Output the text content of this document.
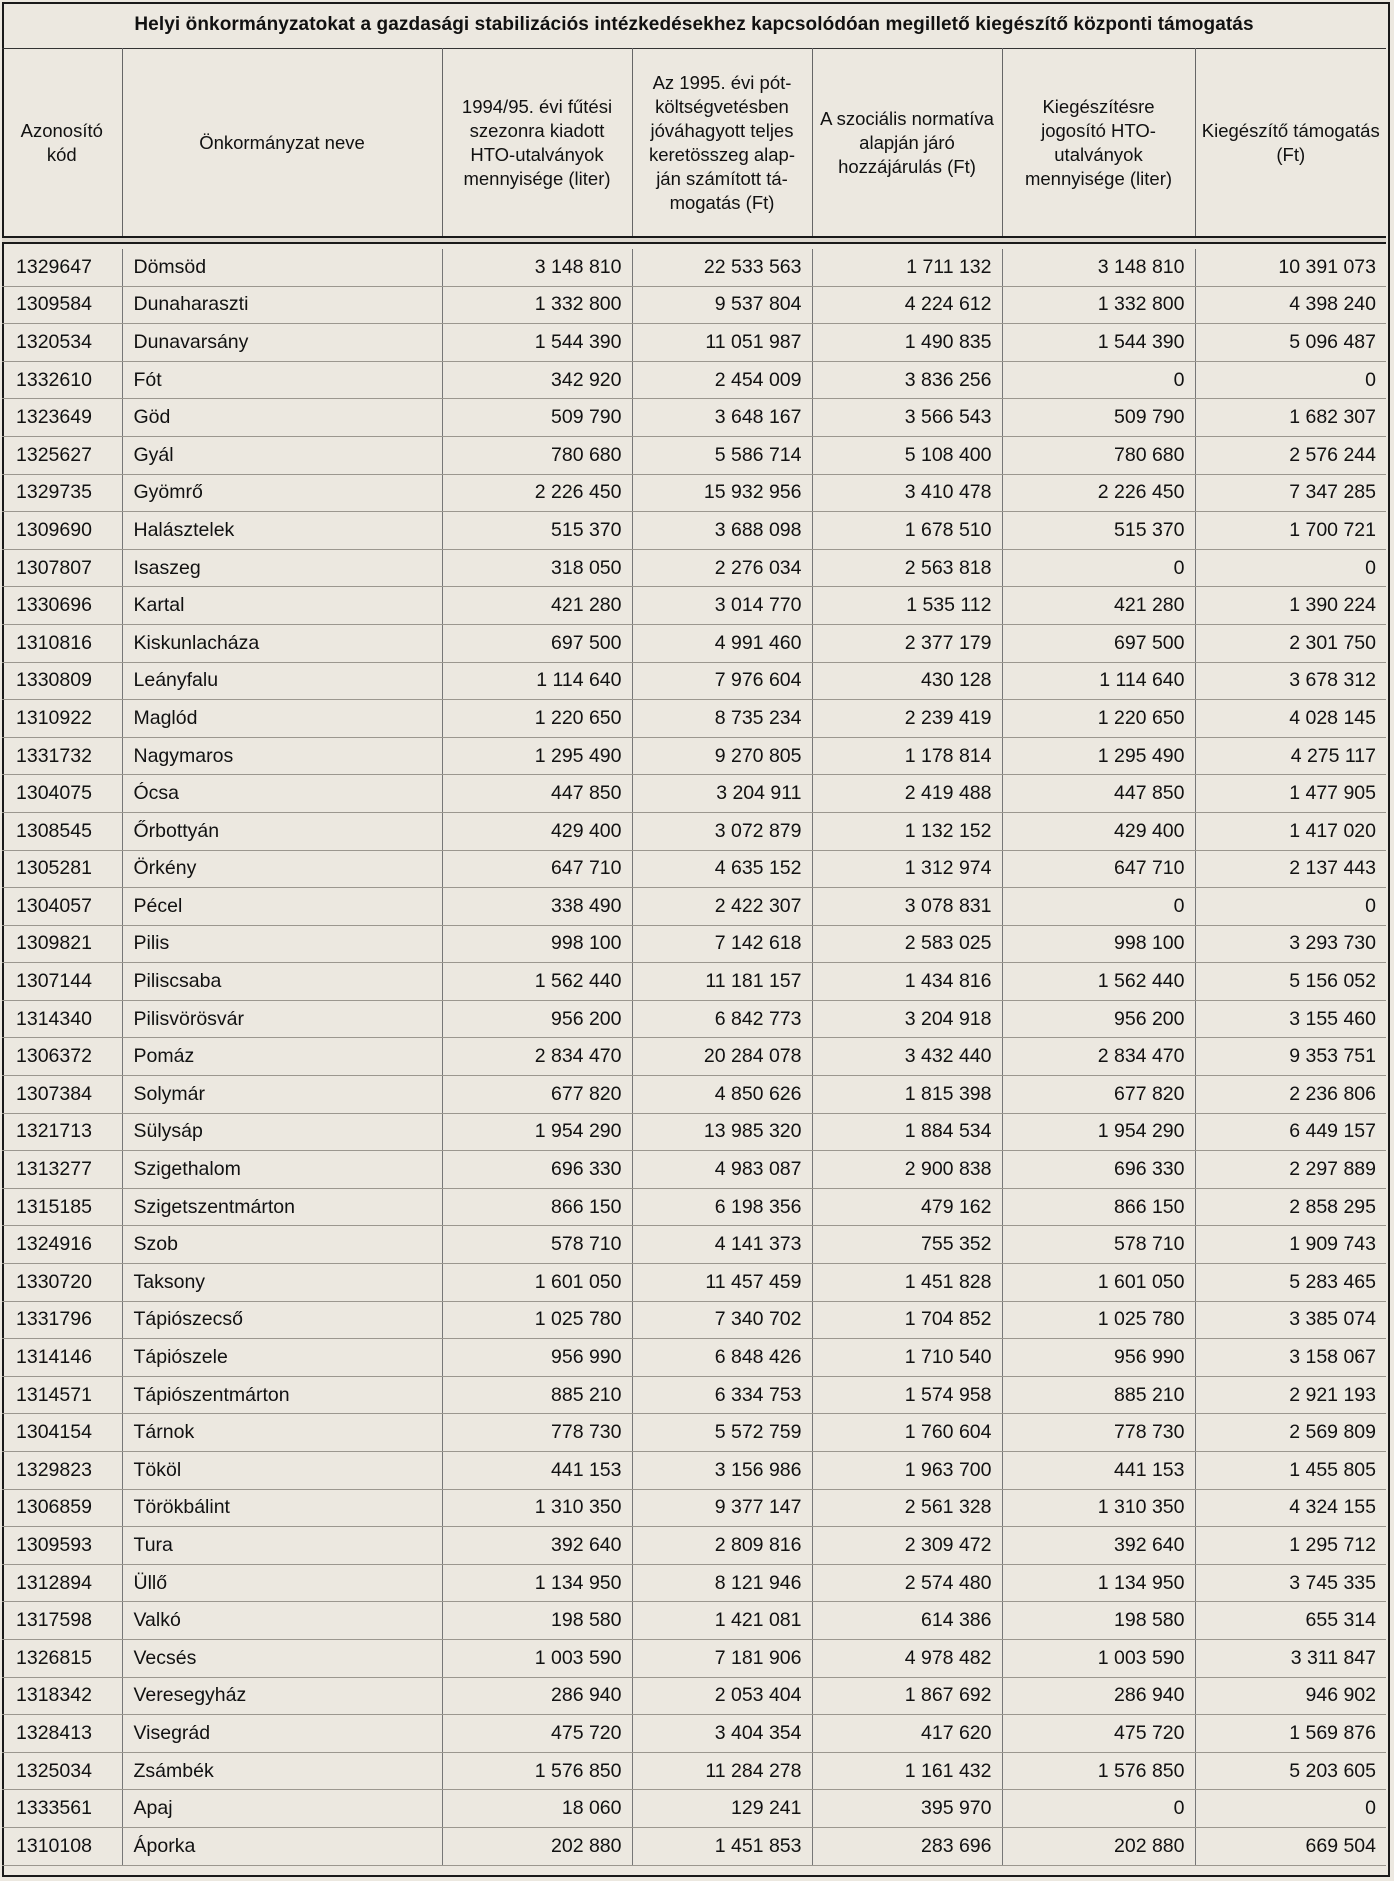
Helyi önkormányzatokat a gazdasági stabilizációs intézkedésekhez kapcsolódóan megillető kiegészítő központi támogatás
Azonosító kód	Önkormányzat neve	1994/95. évi fűtési szezonra kiadott HTO-utalványok mennyisége (liter)	Az 1995. évi pót-költségvetésben jóváhagyott teljes keretösszeg alap-ján számított tá-mogatás (Ft)	A szociális normatíva alapján járó hozzájárulás (Ft)	Kiegészítésre jogosító HTO-utalványok mennyisége (liter)	Kiegészítő támogatás (Ft)
1329647	Dömsöd	3 148 810	22 533 563	1 711 132	3 148 810	10 391 073
1309584	Dunaharaszti	1 332 800	9 537 804	4 224 612	1 332 800	4 398 240
1320534	Dunavarsány	1 544 390	11 051 987	1 490 835	1 544 390	5 096 487
1332610	Fót	342 920	2 454 009	3 836 256	0	0
1323649	Göd	509 790	3 648 167	3 566 543	509 790	1 682 307
1325627	Gyál	780 680	5 586 714	5 108 400	780 680	2 576 244
1329735	Gyömrő	2 226 450	15 932 956	3 410 478	2 226 450	7 347 285
1309690	Halásztelek	515 370	3 688 098	1 678 510	515 370	1 700 721
1307807	Isaszeg	318 050	2 276 034	2 563 818	0	0
1330696	Kartal	421 280	3 014 770	1 535 112	421 280	1 390 224
1310816	Kiskunlacháza	697 500	4 991 460	2 377 179	697 500	2 301 750
1330809	Leányfalu	1 114 640	7 976 604	430 128	1 114 640	3 678 312
1310922	Maglód	1 220 650	8 735 234	2 239 419	1 220 650	4 028 145
1331732	Nagymaros	1 295 490	9 270 805	1 178 814	1 295 490	4 275 117
1304075	Ócsa	447 850	3 204 911	2 419 488	447 850	1 477 905
1308545	Őrbottyán	429 400	3 072 879	1 132 152	429 400	1 417 020
1305281	Örkény	647 710	4 635 152	1 312 974	647 710	2 137 443
1304057	Pécel	338 490	2 422 307	3 078 831	0	0
1309821	Pilis	998 100	7 142 618	2 583 025	998 100	3 293 730
1307144	Piliscsaba	1 562 440	11 181 157	1 434 816	1 562 440	5 156 052
1314340	Pilisvörösvár	956 200	6 842 773	3 204 918	956 200	3 155 460
1306372	Pomáz	2 834 470	20 284 078	3 432 440	2 834 470	9 353 751
1307384	Solymár	677 820	4 850 626	1 815 398	677 820	2 236 806
1321713	Sülysáp	1 954 290	13 985 320	1 884 534	1 954 290	6 449 157
1313277	Szigethalom	696 330	4 983 087	2 900 838	696 330	2 297 889
1315185	Szigetszentmárton	866 150	6 198 356	479 162	866 150	2 858 295
1324916	Szob	578 710	4 141 373	755 352	578 710	1 909 743
1330720	Taksony	1 601 050	11 457 459	1 451 828	1 601 050	5 283 465
1331796	Tápiószecső	1 025 780	7 340 702	1 704 852	1 025 780	3 385 074
1314146	Tápiószele	956 990	6 848 426	1 710 540	956 990	3 158 067
1314571	Tápiószentmárton	885 210	6 334 753	1 574 958	885 210	2 921 193
1304154	Tárnok	778 730	5 572 759	1 760 604	778 730	2 569 809
1329823	Tököl	441 153	3 156 986	1 963 700	441 153	1 455 805
1306859	Törökbálint	1 310 350	9 377 147	2 561 328	1 310 350	4 324 155
1309593	Tura	392 640	2 809 816	2 309 472	392 640	1 295 712
1312894	Üllő	1 134 950	8 121 946	2 574 480	1 134 950	3 745 335
1317598	Valkó	198 580	1 421 081	614 386	198 580	655 314
1326815	Vecsés	1 003 590	7 181 906	4 978 482	1 003 590	3 311 847
1318342	Veresegyház	286 940	2 053 404	1 867 692	286 940	946 902
1328413	Visegrád	475 720	3 404 354	417 620	475 720	1 569 876
1325034	Zsámbék	1 576 850	11 284 278	1 161 432	1 576 850	5 203 605
1333561	Apaj	18 060	129 241	395 970	0	0
1310108	Áporka	202 880	1 451 853	283 696	202 880	669 504
